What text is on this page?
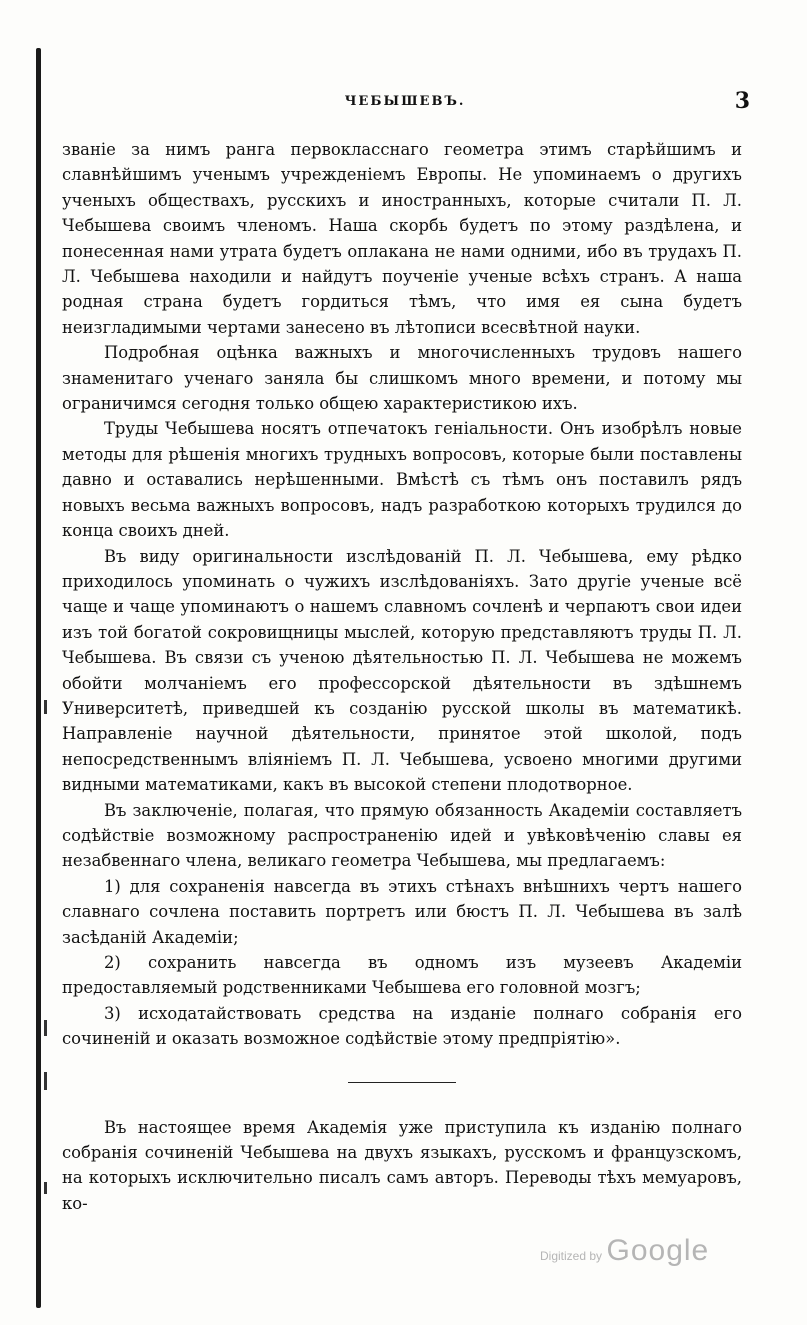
ЧЕБЫШЕВЪ.	3

званіе за нимъ ранга первокласснаго геометра этимъ старѣйшимъ и славнѣйшимъ ученымъ учрежденіемъ Европы. Не упоминаемъ о другихъ ученыхъ обществахъ, русскихъ и иностранныхъ, которые считали П. Л. Чебышева своимъ членомъ. Наша скорбь будетъ по этому раздѣлена, и понесенная нами утрата будетъ оплакана не нами одними, ибо въ трудахъ П. Л. Чебышева находили и найдутъ поученіе ученые всѣхъ странъ. А наша родная страна будетъ гордиться тѣмъ, что имя ея сына будетъ неизгладимыми чертами занесено въ лѣтописи всесвѣтной науки.

Подробная оцѣнка важныхъ и многочисленныхъ трудовъ нашего знаменитаго ученаго заняла бы слишкомъ много времени, и потому мы ограничимся сегодня только общею характеристикою ихъ.

Труды Чебышева носятъ отпечатокъ геніальности. Онъ изобрѣлъ новые методы для рѣшенія многихъ трудныхъ вопросовъ, которые были поставлены давно и оставались нерѣшенными. Вмѣстѣ съ тѣмъ онъ поставилъ рядъ новыхъ весьма важныхъ вопросовъ, надъ разработкою которыхъ трудился до конца своихъ дней.

Въ виду оригинальности изслѣдованій П. Л. Чебышева, ему рѣдко приходилось упоминать о чужихъ изслѣдованіяхъ. Зато другіе ученые всё чаще и чаще упоминаютъ о нашемъ славномъ сочленѣ и черпаютъ свои идеи изъ той богатой сокровищницы мыслей, которую представляютъ труды П. Л. Чебышева. Въ связи съ ученою дѣятельностью П. Л. Чебышева не можемъ обойти молчаніемъ его профессорской дѣятельности въ здѣшнемъ Университетѣ, приведшей къ созданію русской школы въ математикѣ. Направленіе научной дѣятельности, принятое этой школой, подъ непосредственнымъ вліяніемъ П. Л. Чебышева, усвоено многими другими видными математиками, какъ въ высокой степени плодотворное.

Въ заключеніе, полагая, что прямую обязанность Академіи составляетъ содѣйствіе возможному распространенію идей и увѣковѣченію славы ея незабвеннаго члена, великаго геометра Чебышева, мы предлагаемъ:

1) для сохраненія навсегда въ этихъ стѣнахъ внѣшнихъ чертъ нашего славнаго сочлена поставить портретъ или бюстъ П. Л. Чебышева въ залѣ засѣданій Академіи;

2) сохранить навсегда въ одномъ изъ музеевъ Академіи предоставляемый родственниками Чебышева его головной мозгъ;

3) исходатайствовать средства на изданіе полнаго собранія его сочиненій и оказать возможное содѣйствіе этому предпріятію».

Въ настоящее время Академія уже приступила къ изданію полнаго собранія сочиненій Чебышева на двухъ языкахъ, русскомъ и французскомъ, на которыхъ исключительно писалъ самъ авторъ. Переводы тѣхъ мемуаровъ, ко-

Digitized by Google
